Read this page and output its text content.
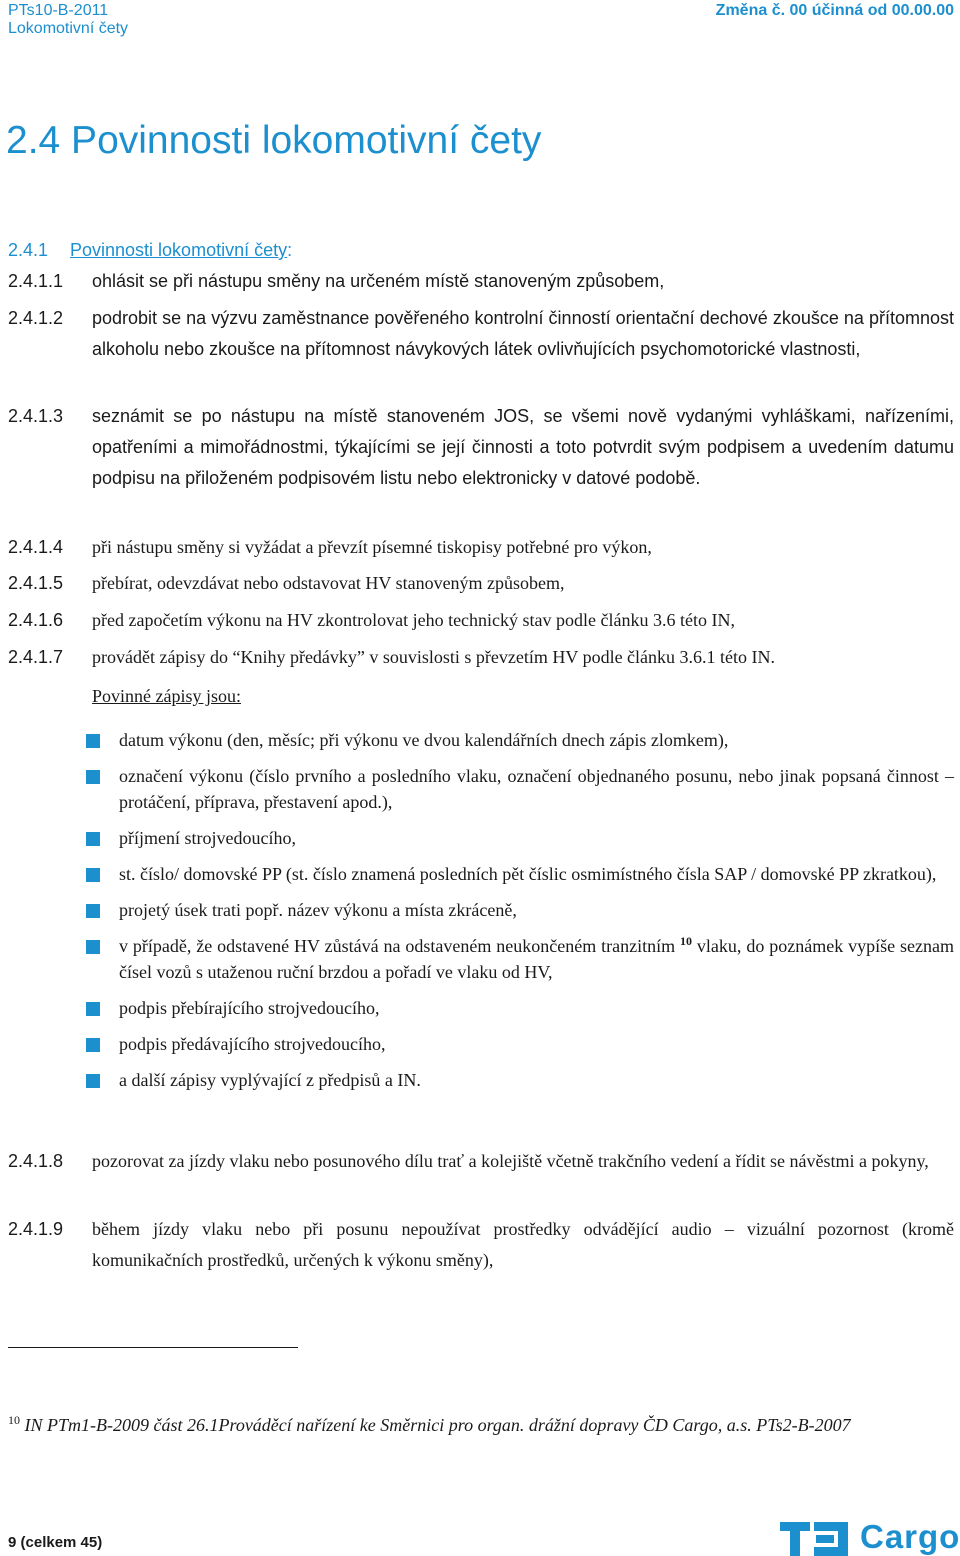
PTs10-B-2011
Lokomotivní čety
Změna č. 00 účinná od 00.00.00
2.4 Povinnosti lokomotivní čety
2.4.1 Povinnosti lokomotivní čety:
2.4.1.1	ohlásit se při nástupu směny na určeném místě stanoveným způsobem,
2.4.1.2	podrobit se na výzvu zaměstnance pověřeného kontrolní činností orientační dechové zkoušce na přítomnost alkoholu nebo zkoušce na přítomnost návykových látek ovlivňujících psychomotorické vlastnosti,
2.4.1.3	seznámit se po nástupu na místě stanoveném JOS, se všemi nově vydanými vyhláškami, nařízeními, opatřeními a mimořádnostmi, týkajícími se její činnosti a toto potvrdit svým podpisem a uvedením datumu podpisu na přiloženém podpisovém listu nebo elektronicky v datové podobě.
2.4.1.4	při nástupu směny si vyžádat a převzít písemné tiskopisy potřebné pro výkon,
2.4.1.5	přebírat, odevzdávat nebo odstavovat HV stanoveným způsobem,
2.4.1.6	před započetím výkonu na HV zkontrolovat jeho technický stav podle článku 3.6 této IN,
2.4.1.7	provádět zápisy do “Knihy předávky” v souvislosti s převzetím HV podle článku 3.6.1 této IN.
Povinné zápisy jsou:
datum výkonu (den, měsíc; při výkonu ve dvou kalendářních dnech zápis zlomkem),
označení výkonu (číslo prvního a posledního vlaku, označení objednaného posunu, nebo jinak popsaná činnost – protáčení, příprava, přestavení apod.),
příjmení strojvedoucího,
st. číslo/ domovské PP (st. číslo znamená posledních pět číslic osmimístného čísla SAP / domovské PP zkratkou),
projetý úsek trati popř. název výkonu a místa zkráceně,
v případě, že odstavené HV zůstává na odstaveném neukončeném tranzitním $^{10}$ vlaku, do poznámek vypíše seznam čísel vozů s utaženou ruční brzdou a pořadí ve vlaku od HV,
podpis přebírajícího strojvedoucího,
podpis předávajícího strojvedoucího,
a další zápisy vyplývající z předpisů a IN.
2.4.1.8	pozorovat za jízdy vlaku nebo posunového dílu trať a kolejiště včetně trakčního vedení a řídit se návěstmi a pokyny,
2.4.1.9	během jízdy vlaku nebo při posunu nepoužívat prostředky odvádějící audio – vizuální pozornost (kromě komunikačních prostředků, určených k výkonu směny),
$^{10}$ IN PTm1-B-2009 část 26.1Prováděcí nařízení ke Směrnici pro organ. drážní dopravy ČD Cargo, a.s. PTs2-B-2007
9 (celkem 45)	Cargo
